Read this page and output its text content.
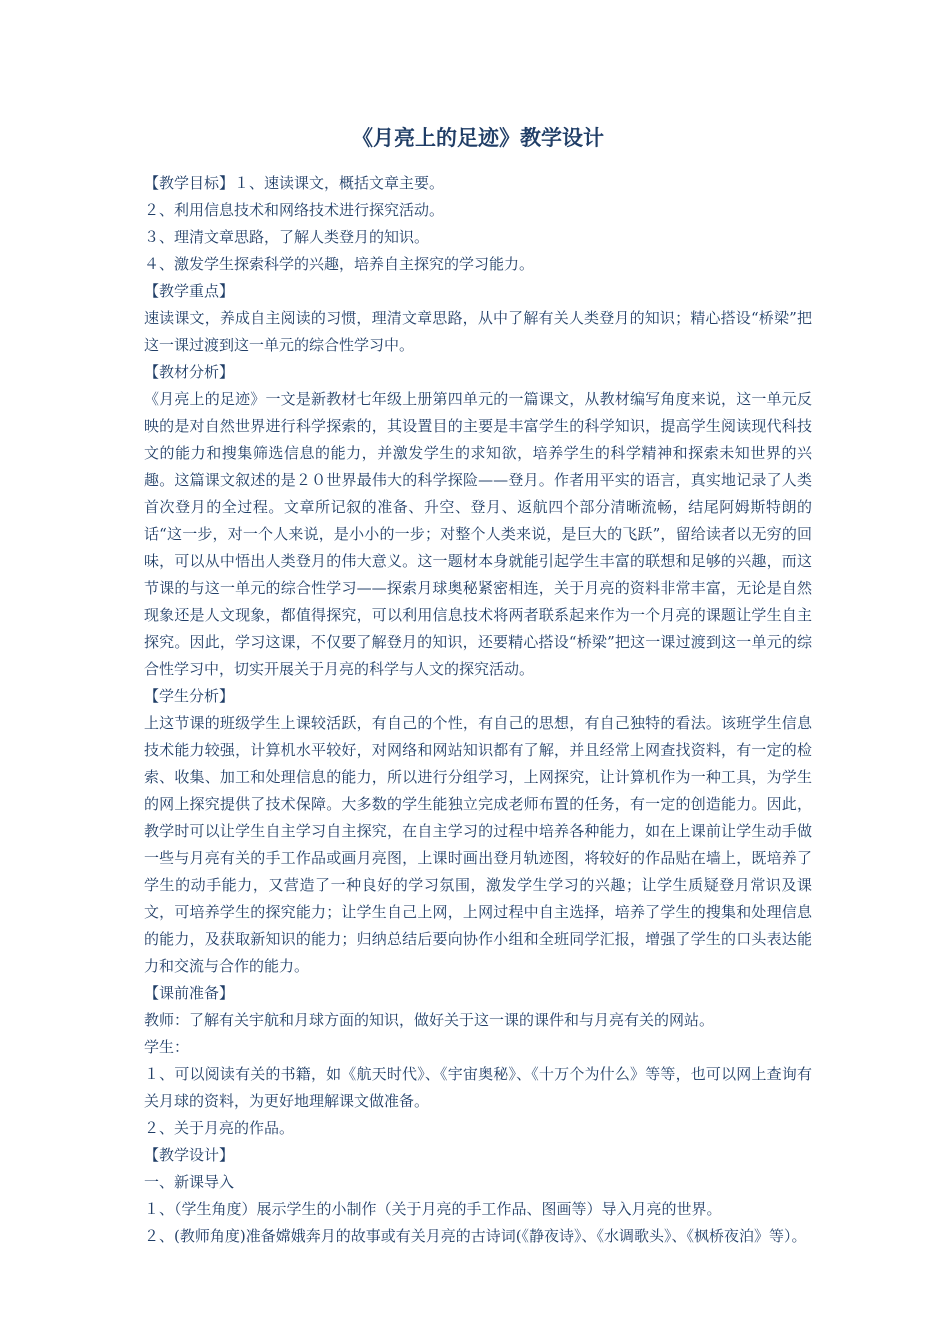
《月亮上的足迹》教学设计

【教学目标】１、速读课文，概括文章主要。

２、利用信息技术和网络技术进行探究活动。

３、理清文章思路，了解人类登月的知识。

４、激发学生探索科学的兴趣，培养自主探究的学习能力。

【教学重点】

速读课文，养成自主阅读的习惯，理清文章思路，从中了解有关人类登月的知识；精心搭设“桥梁”把这一课过渡到这一单元的综合性学习中。

【教材分析】

《月亮上的足迹》一文是新教材七年级上册第四单元的一篇课文，从教材编写角度来说，这一单元反映的是对自然世界进行科学探索的，其设置目的主要是丰富学生的科学知识，提高学生阅读现代科技文的能力和搜集筛选信息的能力，并激发学生的求知欲，培养学生的科学精神和探索未知世界的兴趣。这篇课文叙述的是２０世界最伟大的科学探险——登月。作者用平实的语言，真实地记录了人类首次登月的全过程。文章所记叙的准备、升空、登月、返航四个部分清晰流畅，结尾阿姆斯特朗的话“这一步，对一个人来说，是小小的一步；对整个人类来说，是巨大的飞跃”，留给读者以无穷的回味，可以从中悟出人类登月的伟大意义。这一题材本身就能引起学生丰富的联想和足够的兴趣，而这节课的与这一单元的综合性学习——探索月球奥秘紧密相连，关于月亮的资料非常丰富，无论是自然现象还是人文现象，都值得探究，可以利用信息技术将两者联系起来作为一个月亮的课题让学生自主探究。因此，学习这课，不仅要了解登月的知识，还要精心搭设“桥梁”把这一课过渡到这一单元的综合性学习中，切实开展关于月亮的科学与人文的探究活动。

【学生分析】

上这节课的班级学生上课较活跃，有自己的个性，有自己的思想，有自己独特的看法。该班学生信息技术能力较强，计算机水平较好，对网络和网站知识都有了解，并且经常上网查找资料，有一定的检索、收集、加工和处理信息的能力，所以进行分组学习，上网探究，让计算机作为一种工具，为学生的网上探究提供了技术保障。大多数的学生能独立完成老师布置的任务，有一定的创造能力。因此，教学时可以让学生自主学习自主探究，在自主学习的过程中培养各种能力，如在上课前让学生动手做一些与月亮有关的手工作品或画月亮图，上课时画出登月轨迹图，将较好的作品贴在墙上，既培养了学生的动手能力，又营造了一种良好的学习氛围，激发学生学习的兴趣；让学生质疑登月常识及课文，可培养学生的探究能力；让学生自己上网，上网过程中自主选择，培养了学生的搜集和处理信息的能力，及获取新知识的能力；归纳总结后要向协作小组和全班同学汇报，增强了学生的口头表达能力和交流与合作的能力。

【课前准备】

教师：了解有关宇航和月球方面的知识，做好关于这一课的课件和与月亮有关的网站。

学生：

１、可以阅读有关的书籍，如《航天时代》、《宇宙奥秘》、《十万个为什么》等等，也可以网上查询有关月球的资料，为更好地理解课文做准备。

２、关于月亮的作品。

【教学设计】

一、新课导入

１、（学生角度）展示学生的小制作（关于月亮的手工作品、图画等）导入月亮的世界。

２、(教师角度)准备嫦娥奔月的故事或有关月亮的古诗词(《静夜诗》、《水调歌头》、《枫桥夜泊》等）。
